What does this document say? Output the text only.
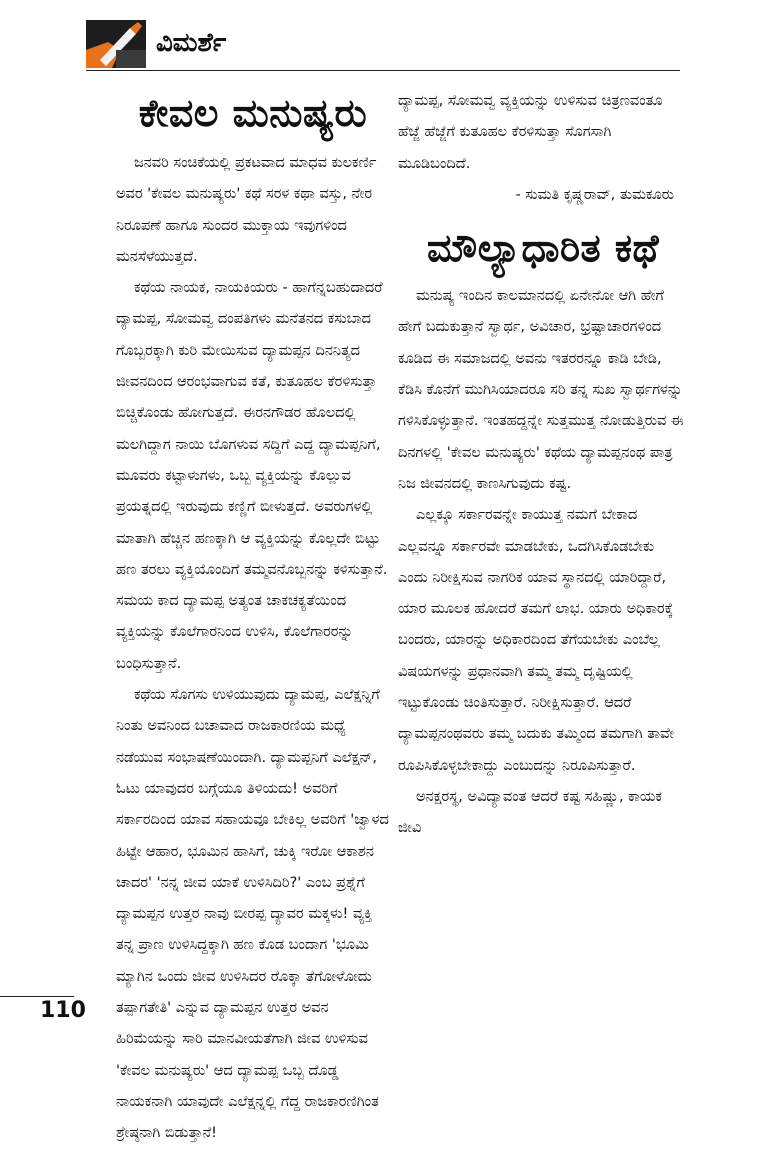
ವಿಮರ್ಶೆ
ಕೇವಲ ಮನುಷ್ಯರು

ಜನವರಿ ಸಂಚಿಕೆಯಲ್ಲಿ ಪ್ರಕಟವಾದ ಮಾಧವ ಕುಲಕರ್ಣಿ ಅವರ 'ಕೇವಲ ಮನುಷ್ಯರು' ಕಥೆ ಸರಳ ಕಥಾ ವಸ್ತು, ನೇರ ನಿರೂಪಣೆ ಹಾಗೂ ಸುಂದರ ಮುಕ್ತಾಯ ಇವುಗಳಿಂದ ಮನಸೆಳೆಯುತ್ತದೆ.

ಕಥೆಯ ನಾಯಕ, ನಾಯಕಿಯರು - ಹಾಗೆನ್ನಬಹುದಾದರೆ ದ್ಯಾಮಪ್ಪ, ಸೋಮವ್ವ ದಂಪತಿಗಳು ಮನೆತನದ ಕಸುಬಾದ ಗೊಬ್ಬರಕ್ಕಾಗಿ ಕುರಿ ಮೇಯಿಸುವ ದ್ಯಾಮಪ್ಪನ ದಿನನಿತ್ಯದ ಜೀವನದಿಂದ ಆರಂಭವಾಗುವ ಕತೆ, ಕುತೂಹಲ ಕೆರಳಿಸುತ್ತಾ ಬಿಚ್ಚಿಕೊಂಡು ಹೋಗುತ್ತದೆ. ಈರನಗೌಡರ ಹೊಲದಲ್ಲಿ ಮಲಗಿದ್ದಾಗ ನಾಯಿ ಬೊಗಳುವ ಸದ್ದಿಗೆ ಎದ್ದ ದ್ಯಾಮಪ್ಪನಿಗೆ, ಮೂವರು ಕಟ್ಟಾಳುಗಳು, ಒಬ್ಬ ವ್ಯಕ್ತಿಯನ್ನು ಕೊಲ್ಲುವ ಪ್ರಯತ್ನದಲ್ಲಿ ಇರುವುದು ಕಣ್ಣಿಗೆ ಬೀಳುತ್ತದೆ. ಅವರುಗಳಲ್ಲಿ ಮಾತಾಗಿ ಹೆಚ್ಚಿನ ಹಣಕ್ಕಾಗಿ ಆ ವ್ಯಕ್ತಿಯನ್ನು ಕೊಲ್ಲದೇ ಬಿಟ್ಟು ಹಣ ತರಲು ವ್ಯಕ್ತಿಯೊಂದಿಗೆ ತಮ್ಮವನೊಬ್ಬನನ್ನು ಕಳಿಸುತ್ತಾನೆ. ಸಮಯ ಕಾದ ದ್ಯಾಮಪ್ಪ ಅತ್ಯಂತ ಚಾಕಚಕ್ಯತೆಯಿಂದ ವ್ಯಕ್ತಿಯನ್ನು ಕೊಲೆಗಾರನಿಂದ ಉಳಿಸಿ, ಕೊಲೆಗಾರರನ್ನು ಬಂಧಿಸುತ್ತಾನೆ.

ಕಥೆಯ ಸೊಗಸು ಉಳಿಯುವುದು ದ್ಯಾಮಪ್ಪ, ಎಲೆಕ್ಷನ್ನಿಗೆ ನಿಂತು ಅವನಿಂದ ಬಚಾವಾದ ರಾಜಕಾರಣಿಯ ಮಧ್ಯೆ ನಡೆಯುವ ಸಂಭಾಷಣೆಯಿಂದಾಗಿ. ದ್ಯಾಮಪ್ಪನಿಗೆ ಎಲೆಕ್ಷನ್, ಓಟು ಯಾವುದರ ಬಗ್ಗೆಯೂ ತಿಳಿಯದು! ಅವರಿಗೆ ಸರ್ಕಾರದಿಂದ ಯಾವ ಸಹಾಯವೂ ಬೇಕಿಲ್ಲ ಅವರಿಗೆ 'ಜ್ವಾಳದ ಹಿಟ್ಟೇ ಆಹಾರ, ಭೂಮಿನ ಹಾಸಿಗೆ, ಚುಕ್ಕಿ ಇರೋ ಆಕಾಶನ ಚಾದರ' 'ನನ್ನ ಜೀವ ಯಾಕೆ ಉಳಿಸಿದಿರಿ?' ಎಂಬ ಪ್ರಶ್ನೆಗೆ ದ್ಯಾಮಪ್ಪನ ಉತ್ತರ ನಾವು ಬೀರಪ್ಪ ದ್ಯಾವರ ಮಕ್ಕಳು! ವ್ಯಕ್ತಿ ತನ್ನ ಪ್ರಾಣ ಉಳಿಸಿದ್ದಕ್ಕಾಗಿ ಹಣ ಕೊಡ ಬಂದಾಗ 'ಭೂಮಿ ಮ್ಯಾಗಿನ ಒಂದು ಜೀವ ಉಳಿಸಿದರ ರೊಕ್ಕಾ ತೆಗೋಳೋದು ತಪ್ಪಾಗತೇತಿ' ಎನ್ನುವ ದ್ಯಾಮಪ್ಪನ ಉತ್ತರ ಅವನ ಹಿರಿಮೆಯನ್ನು ಸಾರಿ ಮಾನವೀಯತೆಗಾಗಿ ಜೀವ ಉಳಿಸುವ 'ಕೇವಲ ಮನುಷ್ಯರು' ಆದ ದ್ಯಾಮಪ್ಪ ಒಬ್ಬ ದೊಡ್ಡ ನಾಯಕನಾಗಿ ಯಾವುದೇ ಎಲೆಕ್ಷನ್ನಲ್ಲಿ ಗೆದ್ದ ರಾಜಕಾರಣಿಗಿಂತ ಶ್ರೇಷ್ಠನಾಗಿ ಬಿಡುತ್ತಾನೆ!

ದ್ಯಾಮಪ್ಪ, ಸೋಮವ್ವ ವ್ಯಕ್ತಿಯನ್ನು ಉಳಿಸುವ ಚಿತ್ರಣವಂತೂ ಹೆಜ್ಜೆ ಹೆಜ್ಜೆಗೆ ಕುತೂಹಲ ಕೆರಳಿಸುತ್ತಾ ಸೊಗಸಾಗಿ ಮೂಡಿಬಂದಿದೆ.

- ಸುಮತಿ ಕೃಷ್ಣರಾವ್, ತುಮಕೂರು

ಮೌಲ್ಯಾಧಾರಿತ ಕಥೆ

ಮನುಷ್ಯ ಇಂದಿನ ಕಾಲಮಾನದಲ್ಲಿ ಏನೇನೋ ಆಗಿ ಹೇಗೆ ಹೇಗೆ ಬದುಕುತ್ತಾನೆ ಸ್ವಾರ್ಥ, ಅವಿಚಾರ, ಭ್ರಷ್ಟಾಚಾರಗಳಿಂದ ಕೂಡಿದ ಈ ಸಮಾಜದಲ್ಲಿ ಅವನು ಇತರರನ್ನೂ ಕಾಡಿ ಬೇಡಿ, ಕೆಡಿಸಿ ಕೊನೆಗೆ ಮುಗಿಸಿಯಾದರೂ ಸರಿ ತನ್ನ ಸುಖ ಸ್ವಾರ್ಥಗಳನ್ನು ಗಳಿಸಿಕೊಳ್ಳುತ್ತಾನೆ. ಇಂತಹದ್ದನ್ನೇ ಸುತ್ತಮುತ್ತ ನೋಡುತ್ತಿರುವ ಈ ದಿನಗಳಲ್ಲಿ 'ಕೇವಲ ಮನುಷ್ಯರು' ಕಥೆಯ ದ್ಯಾಮಪ್ಪನಂಥ ಪಾತ್ರ ನಿಜ ಜೀವನದಲ್ಲಿ ಕಾಣಸಿಗುವುದು ಕಷ್ಟ.

ಎಲ್ಲಕ್ಕೂ ಸರ್ಕಾರವನ್ನೇ ಕಾಯುತ್ತ ನಮಗೆ ಬೇಕಾದ ಎಲ್ಲವನ್ನೂ ಸರ್ಕಾರವೇ ಮಾಡಬೇಕು, ಒದಗಿಸಿಕೊಡಬೇಕು ಎಂದು ನಿರೀಕ್ಷಿಸುವ ನಾಗರಿಕ ಯಾವ ಸ್ಥಾನದಲ್ಲಿ ಯಾರಿದ್ದಾರೆ, ಯಾರ ಮೂಲಕ ಹೋದರೆ ತಮಗೆ ಲಾಭ. ಯಾರು ಅಧಿಕಾರಕ್ಕೆ ಬಂದರು, ಯಾರನ್ನು ಅಧಿಕಾರದಿಂದ ತೆಗೆಯಬೇಕು ಎಂಬೆಲ್ಲ ವಿಷಯಗಳನ್ನು ಪ್ರಧಾನವಾಗಿ ತಮ್ಮ ತಮ್ಮ ದೃಷ್ಟಿಯಲ್ಲಿ ಇಟ್ಟುಕೊಂಡು ಚಿಂತಿಸುತ್ತಾರೆ. ನಿರೀಕ್ಷಿಸುತ್ತಾರೆ. ಆದರೆ ದ್ಯಾಮಪ್ಪನಂಥವರು ತಮ್ಮ ಬದುಕು ತಮ್ಮಿಂದ ತಮಗಾಗಿ ತಾವೇ ರೂಪಿಸಿಕೊಳ್ಳಬೇಕಾದ್ದು ಎಂಬುದನ್ನು ನಿರೂಪಿಸುತ್ತಾರೆ.

ಅನಕ್ಷರಸ್ಥ, ಅವಿದ್ಯಾವಂತ ಆದರೆ ಕಷ್ಟ ಸಹಿಷ್ಣು, ಕಾಯಕ ಜೀವಿ

110
